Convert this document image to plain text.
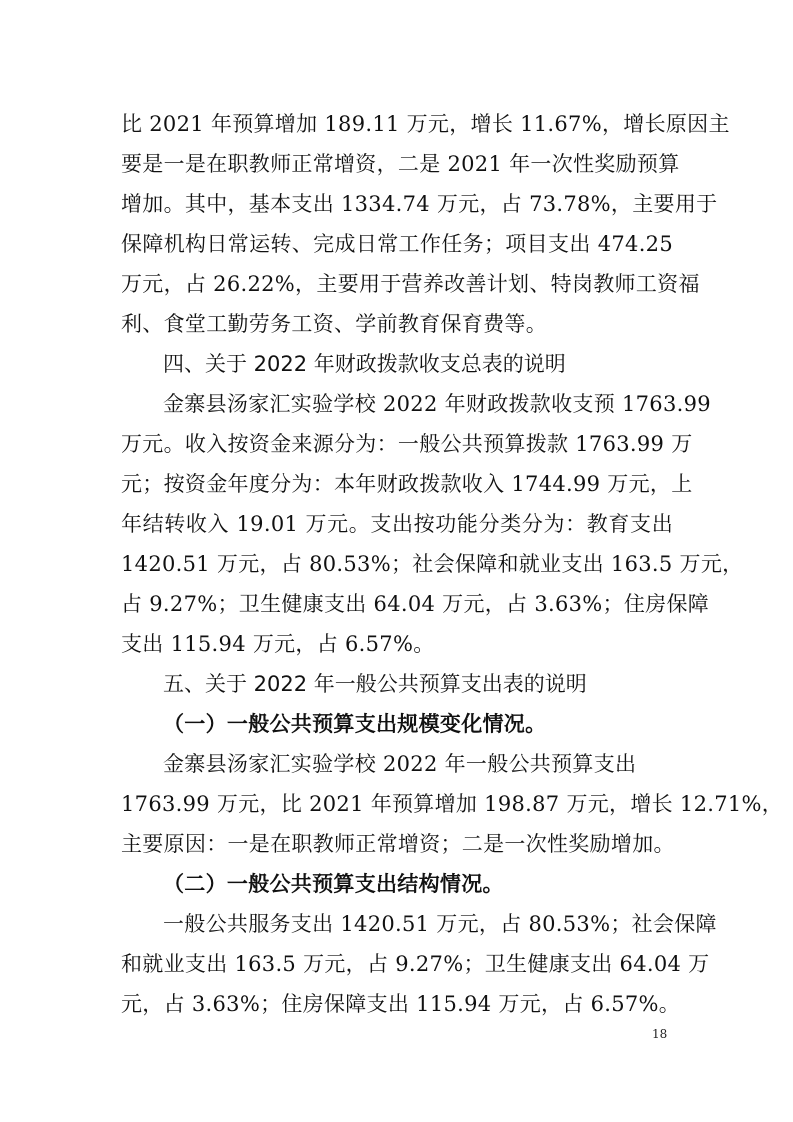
比 2021 年预算增加 189.11 万元，增长 11.67%，增长原因主
要是一是在职教师正常增资，二是 2021 年一次性奖励预算
增加。其中，基本支出 1334.74 万元，占 73.78%，主要用于
保障机构日常运转、完成日常工作任务；项目支出 474.25
万元，占 26.22%，主要用于营养改善计划、特岗教师工资福
利、食堂工勤劳务工资、学前教育保育费等。
四、关于 2022 年财政拨款收支总表的说明
金寨县汤家汇实验学校 2022 年财政拨款收支预 1763.99
万元。收入按资金来源分为：一般公共预算拨款 1763.99 万
元；按资金年度分为：本年财政拨款收入 1744.99 万元，上
年结转收入 19.01 万元。支出按功能分类分为：教育支出
1420.51 万元，占 80.53%；社会保障和就业支出 163.5 万元，
占 9.27%；卫生健康支出 64.04 万元，占 3.63%；住房保障
支出 115.94 万元，占 6.57%。
五、关于 2022 年一般公共预算支出表的说明
（一）一般公共预算支出规模变化情况。
金寨县汤家汇实验学校 2022 年一般公共预算支出
1763.99 万元，比 2021 年预算增加 198.87 万元，增长 12.71%，
主要原因：一是在职教师正常增资；二是一次性奖励增加。
（二）一般公共预算支出结构情况。
一般公共服务支出 1420.51 万元，占 80.53%；社会保障
和就业支出 163.5 万元，占 9.27%；卫生健康支出 64.04 万
元，占 3.63%；住房保障支出 115.94 万元，占 6.57%。
18
